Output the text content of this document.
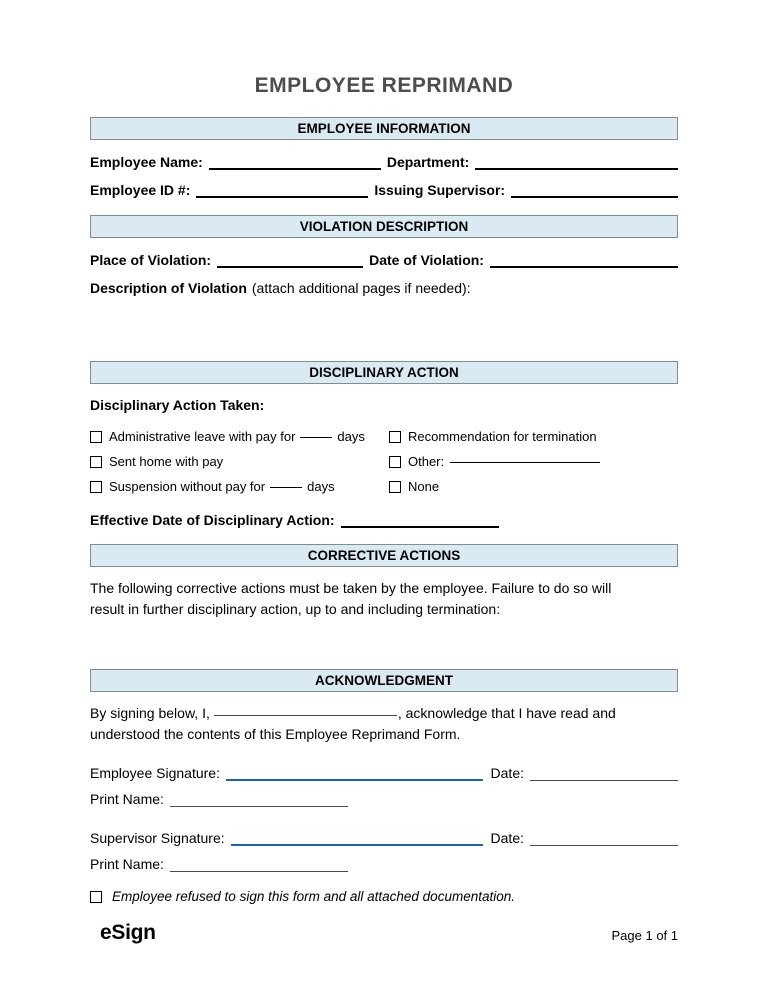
EMPLOYEE REPRIMAND
EMPLOYEE INFORMATION
Employee Name:	Department:
Employee ID #:	Issuing Supervisor:
VIOLATION DESCRIPTION
Place of Violation:	Date of Violation:
Description of Violation (attach additional pages if needed):
DISCIPLINARY ACTION
Disciplinary Action Taken:
Administrative leave with pay for	days	Recommendation for termination
Sent home with pay	Other:
Suspension without pay for	days	None
Effective Date of Disciplinary Action:
CORRECTIVE ACTIONS

The following corrective actions must be taken by the employee. Failure to do so will result in further disciplinary action, up to and including termination:

ACKNOWLEDGMENT

By signing below, I,	, acknowledge that I have read and understood the contents of this Employee Reprimand Form.

Employee Signature:	Date:
Print Name:
Supervisor Signature:	Date:
Print Name:
Employee refused to sign this form and all attached documentation.
eSign	Page 1 of 1
